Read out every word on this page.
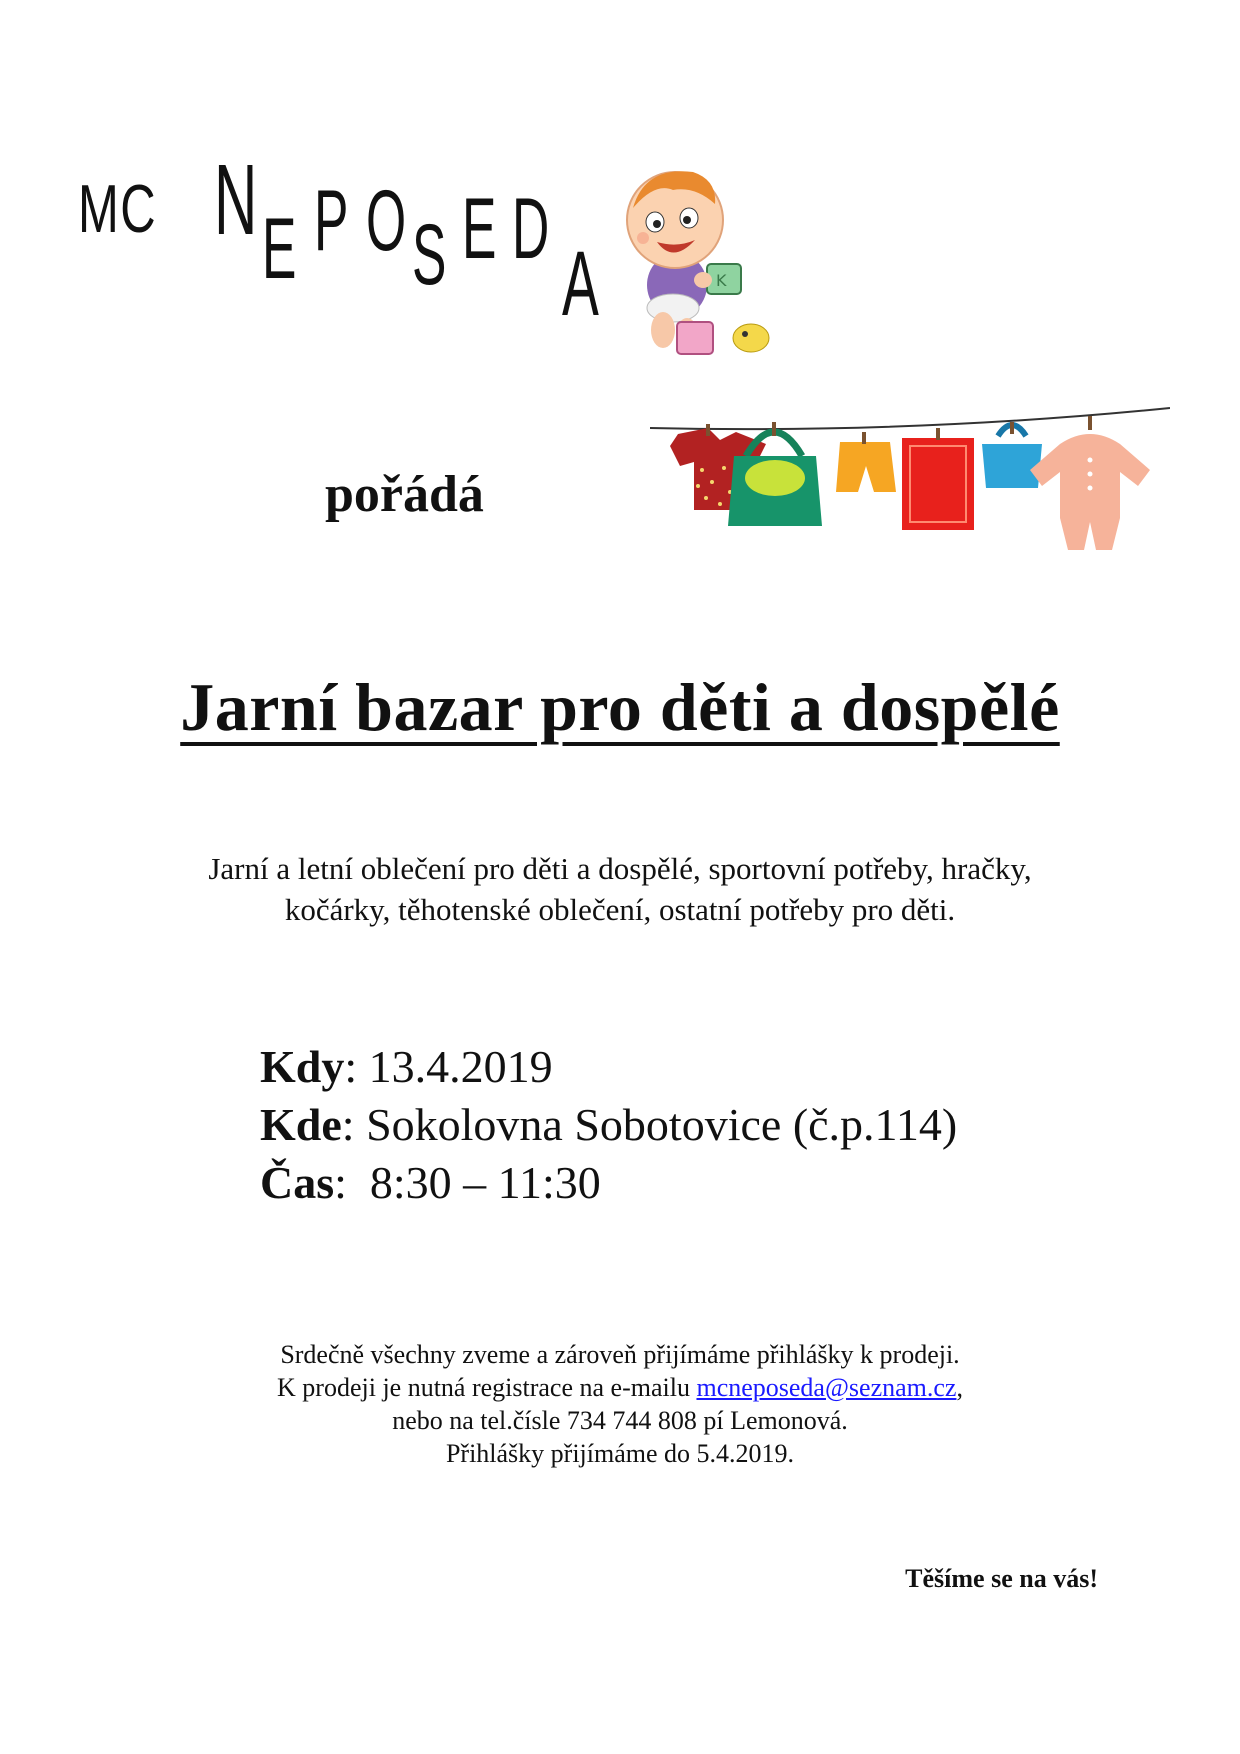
MC N E P O S E D
A	K
pořádá
Jarní bazar pro děti a dospělé
Jarní a letní oblečení pro děti a dospělé, sportovní potřeby, hračky,
kočárky, těhotenské oblečení, ostatní potřeby pro děti.
Kdy: 13.4.2019
Kde: Sokolovna Sobotovice (č.p.114)
Čas:  8:30 – 11:30
Srdečně všechny zveme a zároveň přijímáme přihlášky k prodeji.
K prodeji je nutná registrace na e-mailu mcneposeda@seznam.cz,
nebo na tel.čísle 734 744 808 pí Lemonová.
Přihlášky přijímáme do 5.4.2019.
Těšíme se na vás!
